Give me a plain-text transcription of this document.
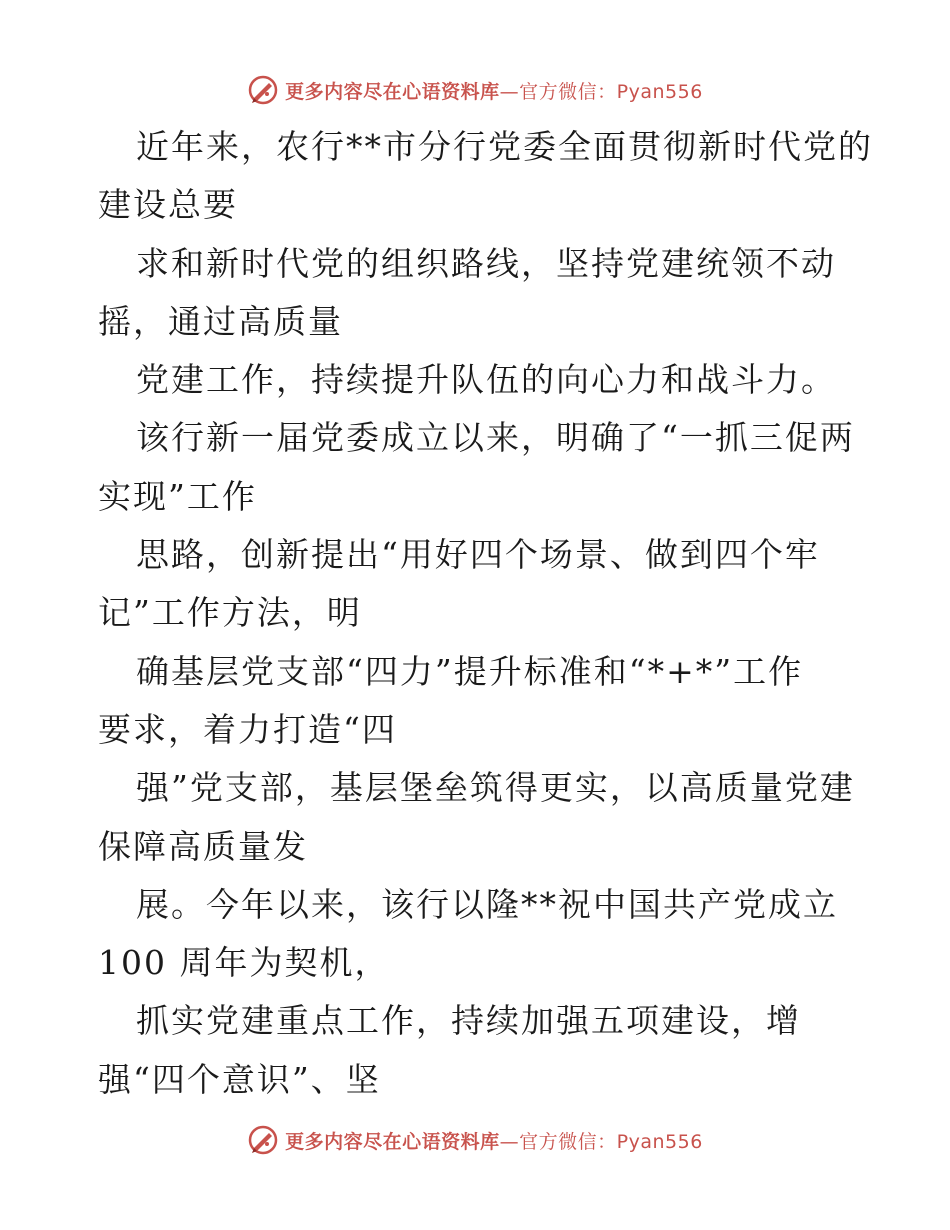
更多内容尽在心语资料库—官方微信：Pyan556
近年来，农行**市分行党委全面贯彻新时代党的
建设总要
求和新时代党的组织路线，坚持党建统领不动
摇，通过高质量
党建工作，持续提升队伍的向心力和战斗力。
该行新一届党委成立以来，明确了“一抓三促两
实现”工作
思路，创新提出“用好四个场景、做到四个牢
记”工作方法，明
确基层党支部“四力”提升标准和“*+*”工作
要求，着力打造“四
强”党支部，基层堡垒筑得更实，以高质量党建
保障高质量发
展。今年以来，该行以隆**祝中国共产党成立
100 周年为契机，
抓实党建重点工作，持续加强五项建设，增
强“四个意识”、坚
更多内容尽在心语资料库—官方微信：Pyan556
